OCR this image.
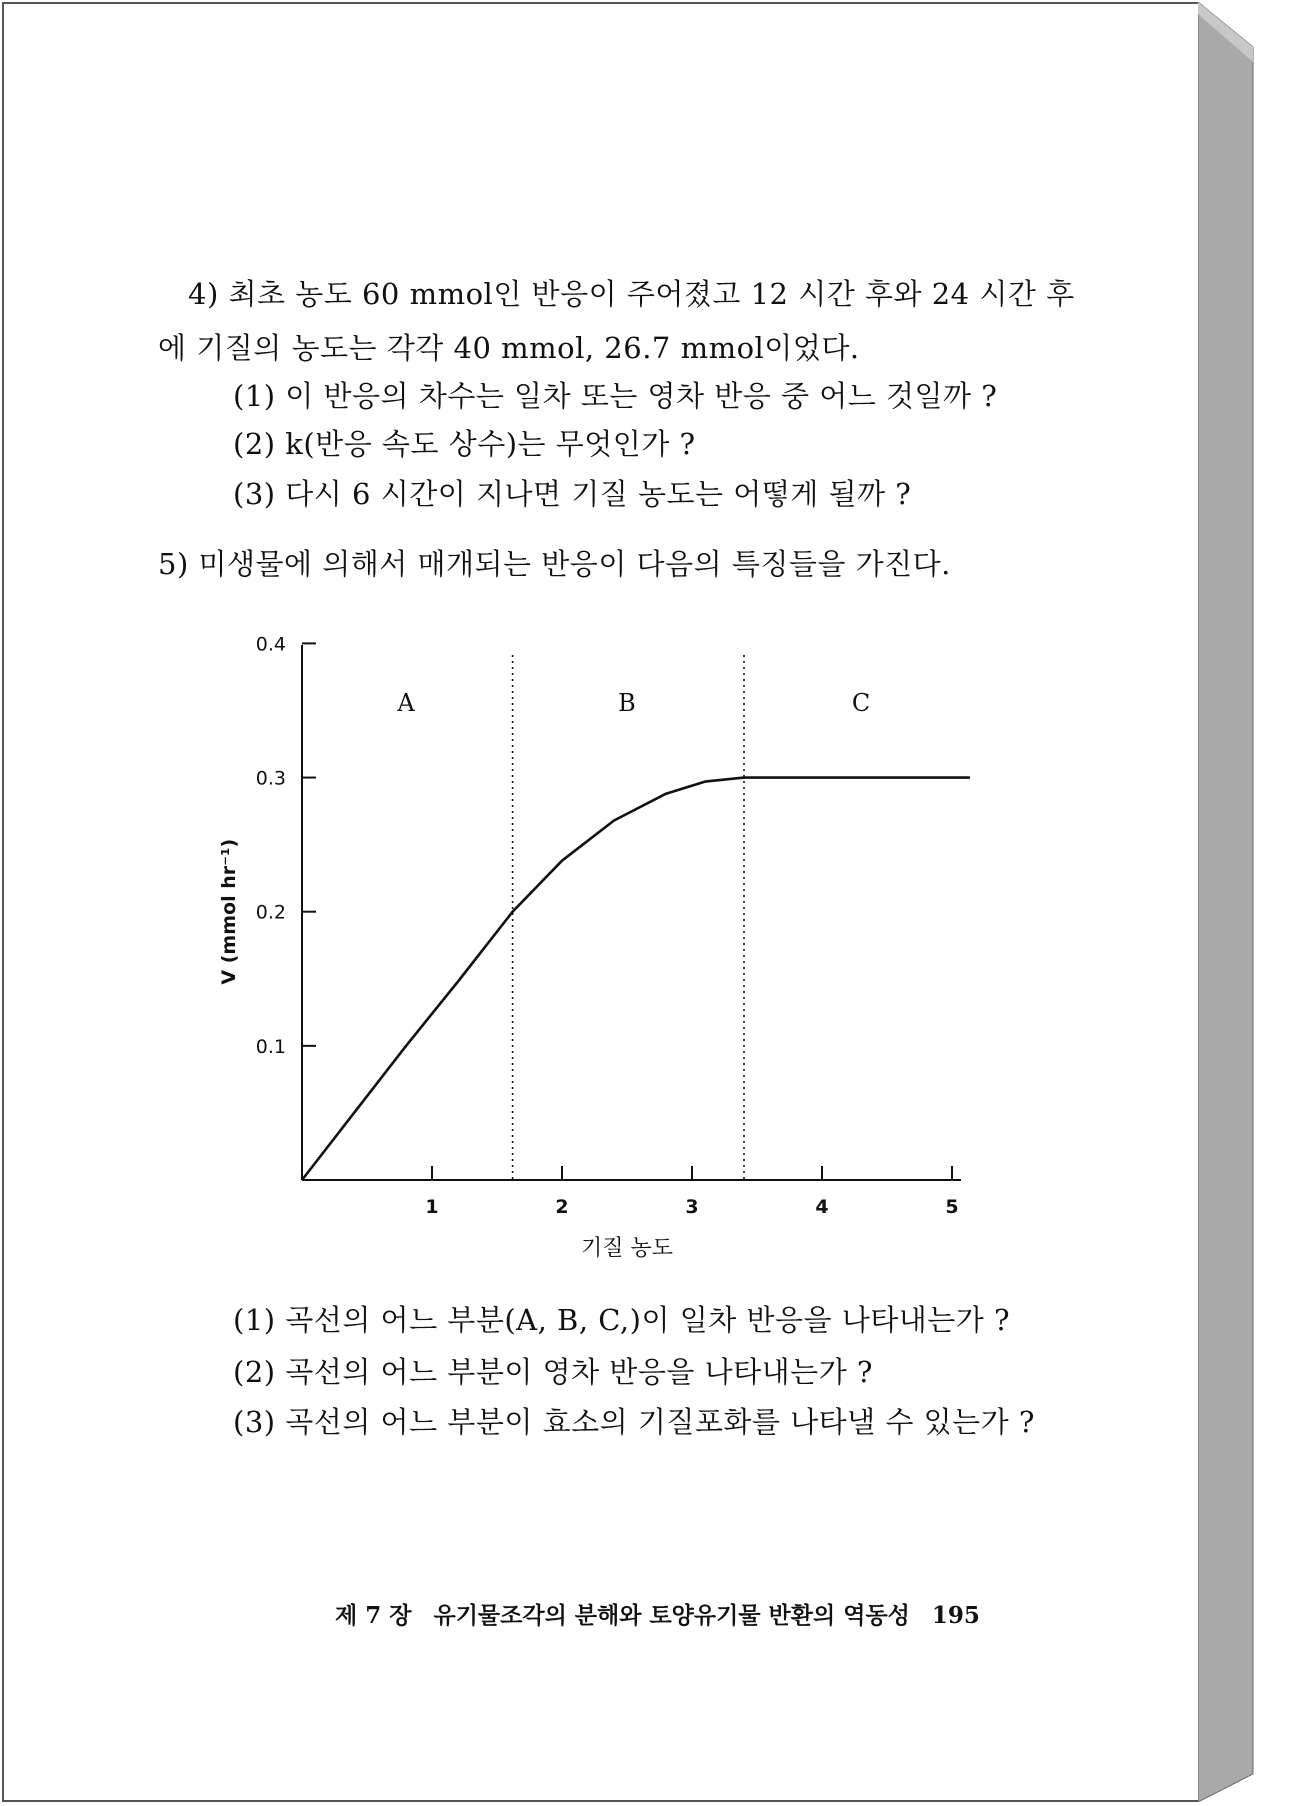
4) 최초 농도 60 mmol인 반응이 주어졌고 12 시간 후와 24 시간 후
에 기질의 농도는 각각 40 mmol, 26.7 mmol이었다.
(1) 이 반응의 차수는 일차 또는 영차 반응 중 어느 것일까 ?
(2) k(반응 속도 상수)는 무엇인가 ?
(3) 다시 6 시간이 지나면 기질 농도는 어떻게 될까 ?
5) 미생물에 의해서 매개되는 반응이 다음의 특징들을 가진다.
1	2	3	4	5
0.1
0.2
0.3
0.4
A	B	C
기질 농도
V (mmol hr⁻¹)
(1) 곡선의 어느 부분(A, B, C,)이 일차 반응을 나타내는가 ?
(2) 곡선의 어느 부분이 영차 반응을 나타내는가 ?
(3) 곡선의 어느 부분이 효소의 기질포화를 나타낼 수 있는가 ?
제 7 장 유기물조각의 분해와 토양유기물 반환의 역동성 195
